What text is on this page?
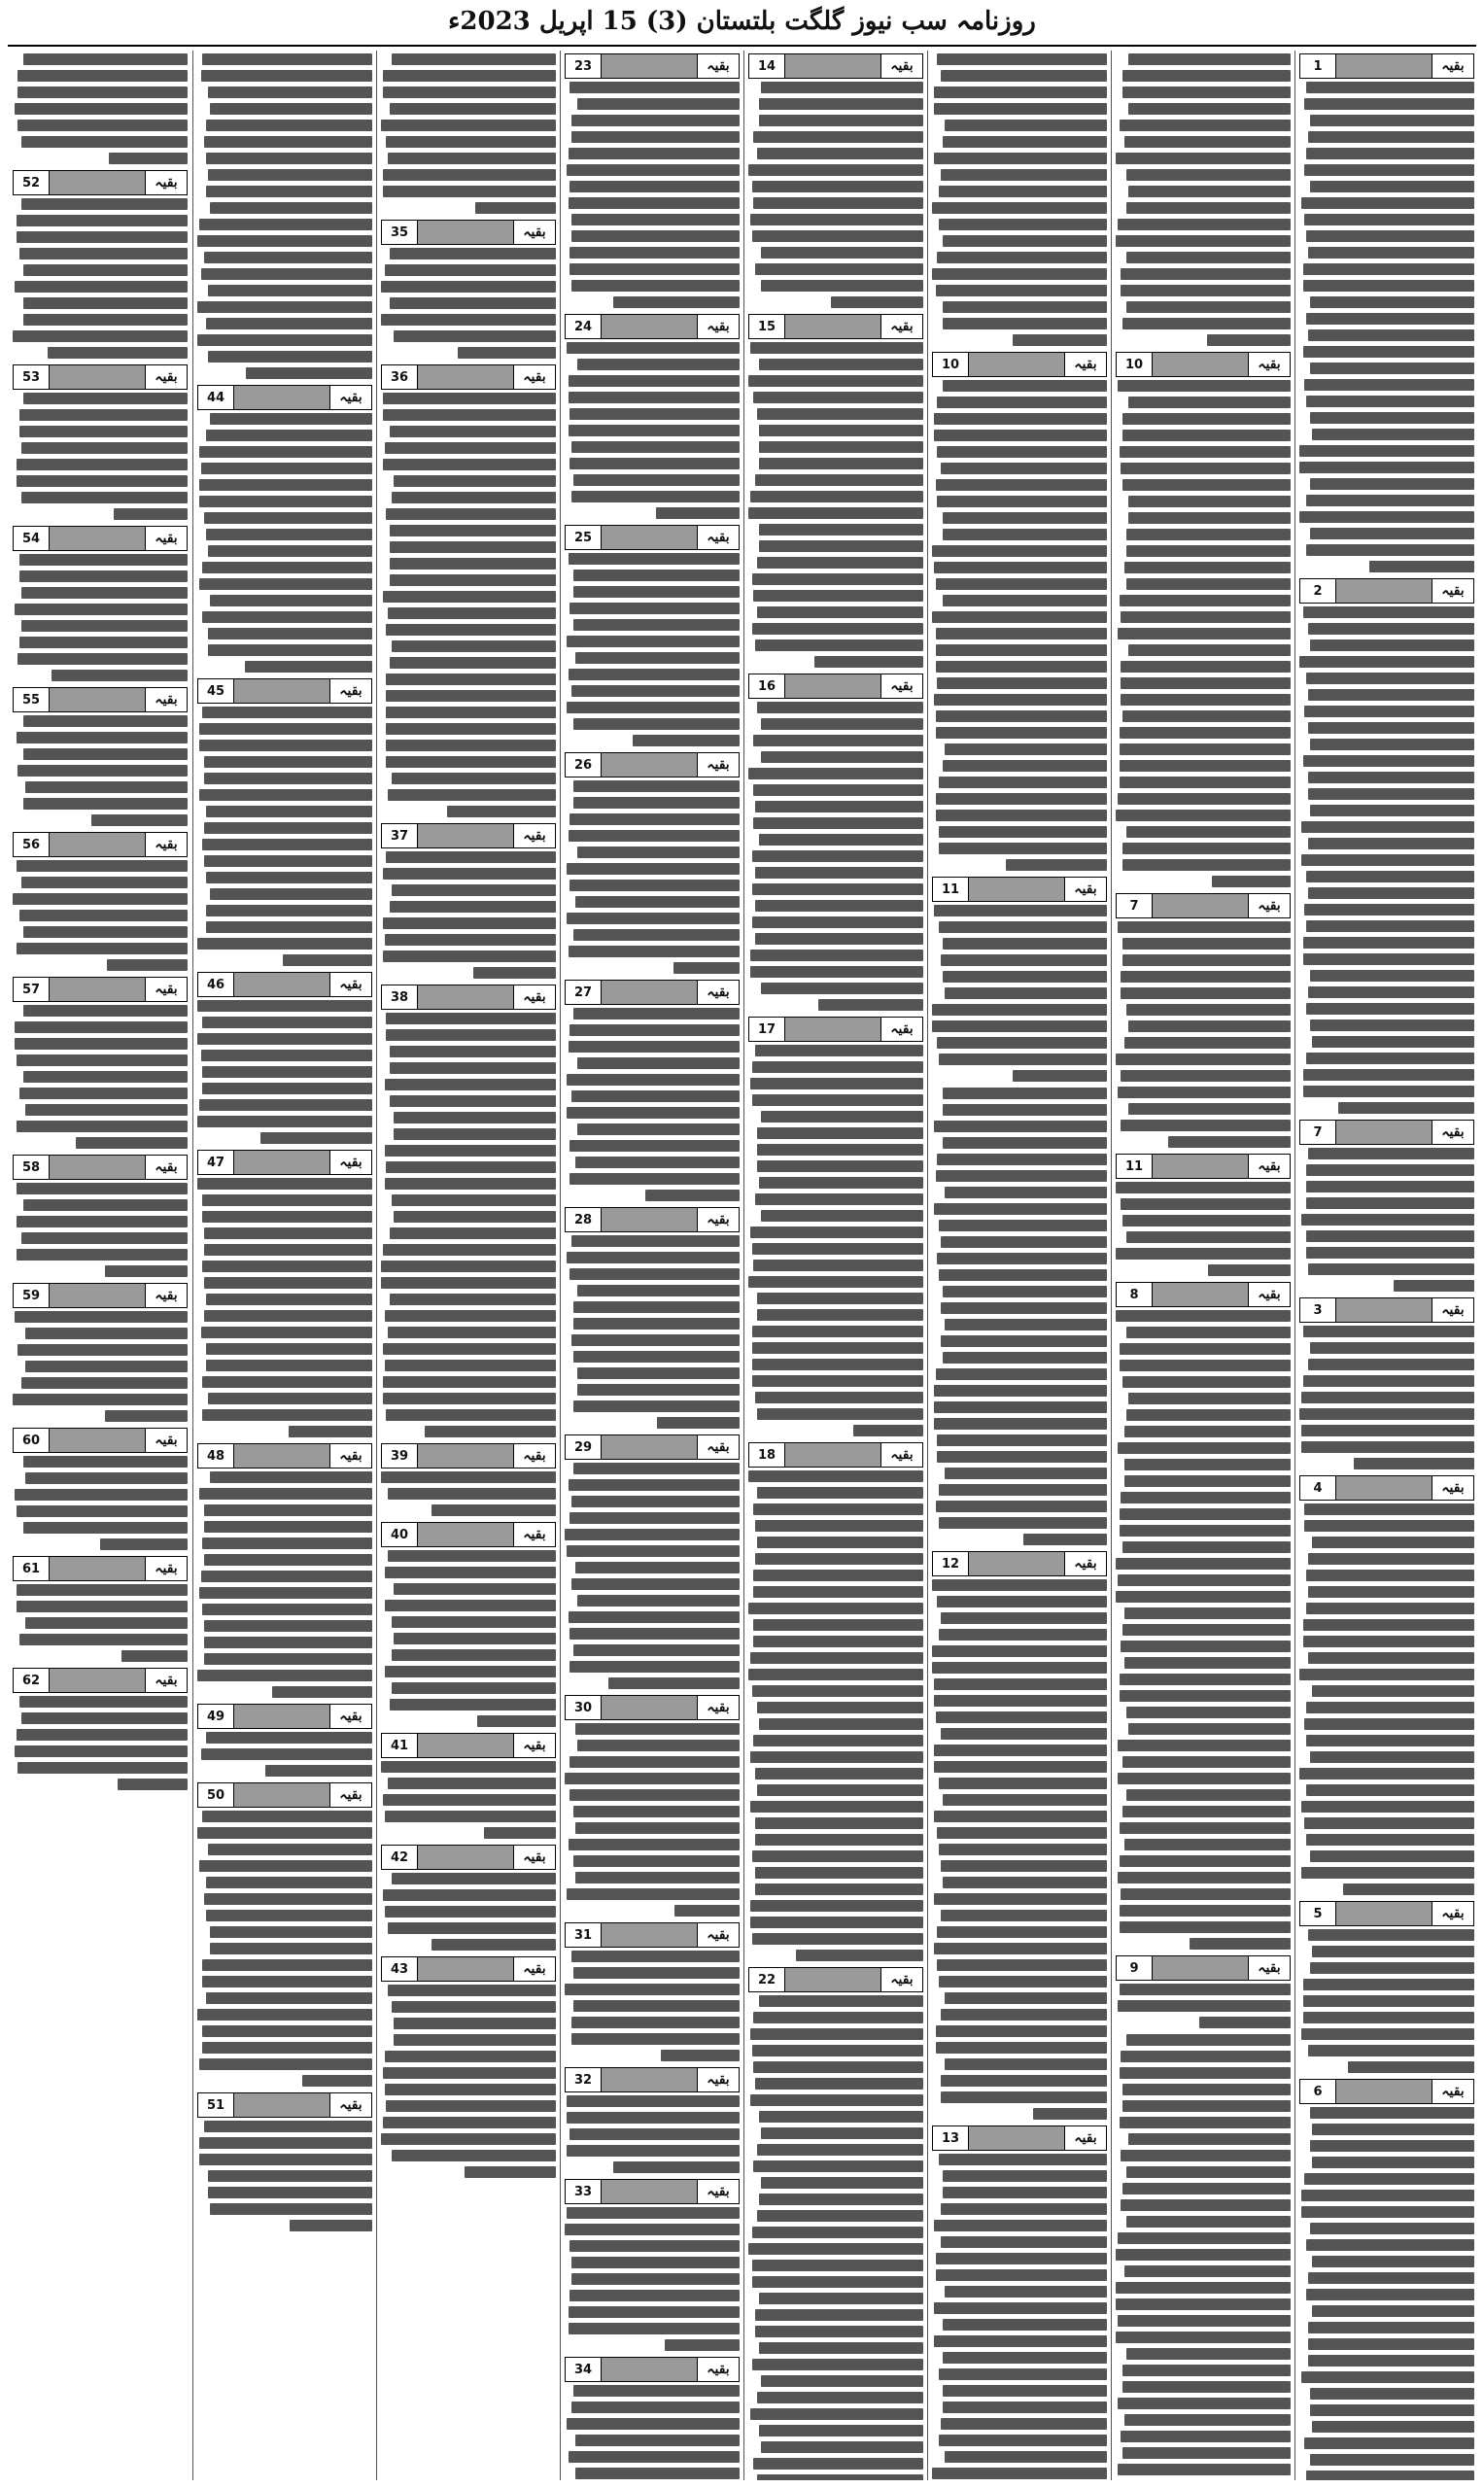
روزنامہ سب نیوز گلگت بلتستان (3) 15 اپریل 2023ء
بقیہ
1
بقیہ
2
بقیہ
7
بقیہ
3
بقیہ
4
بقیہ
5
بقیہ
6
بقیہ
10
بقیہ
7
بقیہ
11
بقیہ
8
بقیہ
9
بقیہ
10
بقیہ
11
بقیہ
12
بقیہ
13
بقیہ
14
بقیہ
15
بقیہ
16
بقیہ
17
بقیہ
18
بقیہ
22
بقیہ
23
بقیہ
24
بقیہ
25
بقیہ
26
بقیہ
27
بقیہ
28
بقیہ
29
بقیہ
30
بقیہ
31
بقیہ
32
بقیہ
33
بقیہ
34
بقیہ
35
بقیہ
36
بقیہ
37
بقیہ
38
بقیہ
39
بقیہ
40
بقیہ
41
بقیہ
42
بقیہ
43
بقیہ
44
بقیہ
45
بقیہ
46
بقیہ
47
بقیہ
48
بقیہ
49
بقیہ
50
بقیہ
51
بقیہ
52
بقیہ
53
بقیہ
54
بقیہ
55
بقیہ
56
بقیہ
57
بقیہ
58
بقیہ
59
بقیہ
60
بقیہ
61
بقیہ
62
